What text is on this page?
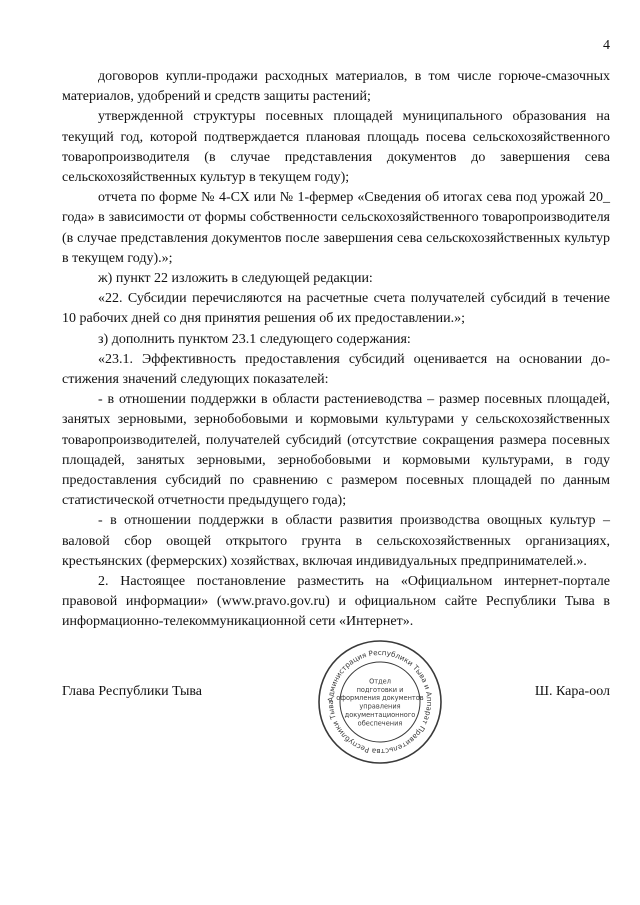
4

договоров купли-продажи расходных материалов, в том числе горюче-смазочных материалов, удобрений и средств защиты растений;

утвержденной структуры посевных площадей муниципального образования на текущий год, которой подтверждается плановая площадь посева сельскохозяйственного товаропроизводителя (в случае представления документов до завершения сева сельскохозяйственных культур в текущем году);

отчета по форме № 4-СХ или № 1-фермер «Сведения об итогах сева под урожай 20_ года» в зависимости от формы собственности сельскохозяйственного товаропроизводителя (в случае представления документов после завершения сева сельскохозяйственных культур в текущем году).»;

ж) пункт 22 изложить в следующей редакции:

«22. Субсидии перечисляются на расчетные счета получателей субсидий в течение 10 рабочих дней со дня принятия решения об их предоставлении.»;

з) дополнить пунктом 23.1 следующего содержания:

«23.1. Эффективность предоставления субсидий оценивается на основании достижения значений следующих показателей:

- в отношении поддержки в области растениеводства – размер посевных площадей, занятых зерновыми, зернобобовыми и кормовыми культурами у сельскохозяйственных товаропроизводителей, получателей субсидий (отсутствие сокращения размера посевных площадей, занятых зерновыми, зернобобовыми и кормовыми культурами, в году предоставления субсидий по сравнению с размером посевных площадей по данным статистической отчетности предыдущего года);

- в отношении поддержки в области развития производства овощных культур – валовой сбор овощей открытого грунта в сельскохозяйственных организациях, крестьянских (фермерских) хозяйствах, включая индивидуальных предпринимателей.».

2. Настоящее постановление разместить на «Официальном интернет-портале правовой информации» (www.pravo.gov.ru) и официальном сайте Республики Тыва в информационно-телекоммуникационной сети «Интернет».

Глава Республики Тыва	Ш. Кара-оол
Администрация Республики Тыва и Аппарат Правительства Республики Тыва
Отдел
подготовки и
оформления документов
управления
документационного
обеспечения
